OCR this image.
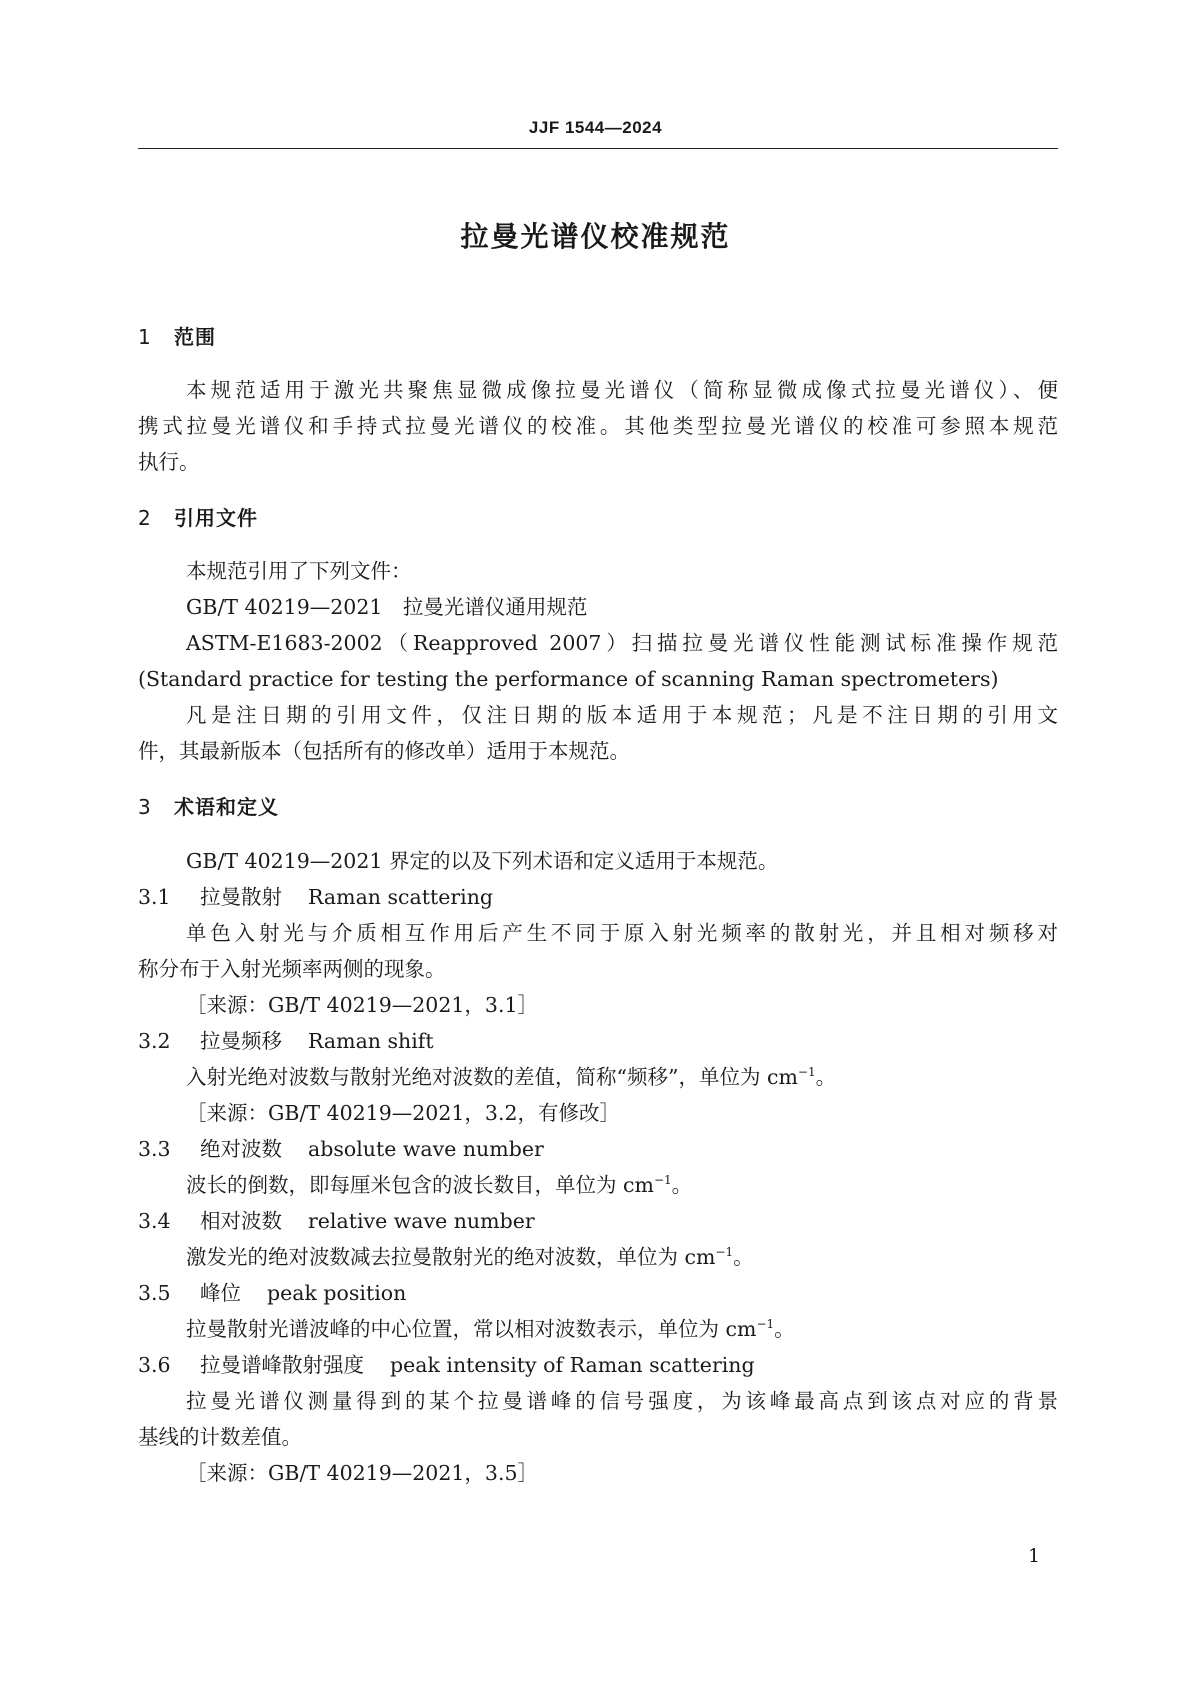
JJF 1544—2024
拉曼光谱仪校准规范
1 范围
本规范适用于激光共聚焦显微成像拉曼光谱仪（简称显微成像式拉曼光谱仪）、便
携式拉曼光谱仪和手持式拉曼光谱仪的校准。其他类型拉曼光谱仪的校准可参照本规范
执行。
2 引用文件
本规范引用了下列文件：
GB/T 40219—2021　拉曼光谱仪通用规范
ASTM-E1683-2002（Reapproved 2007）扫描拉曼光谱仪性能测试标准操作规范
(Standard practice for testing the performance of scanning Raman spectrometers)
凡是注日期的引用文件，仅注日期的版本适用于本规范；凡是不注日期的引用文
件，其最新版本（包括所有的修改单）适用于本规范。
3 术语和定义
GB/T 40219—2021 界定的以及下列术语和定义适用于本规范。
3.1 拉曼散射 Raman scattering
单色入射光与介质相互作用后产生不同于原入射光频率的散射光，并且相对频移对
称分布于入射光频率两侧的现象。
［来源：GB/T 40219—2021，3.1］
3.2 拉曼频移 Raman shift
入射光绝对波数与散射光绝对波数的差值，简称“频移”，单位为 $cm^{-1}$。
［来源：GB/T 40219—2021，3.2，有修改］
3.3 绝对波数 absolute wave number
波长的倒数，即每厘米包含的波长数目，单位为 $cm^{-1}$。
3.4 相对波数 relative wave number
激发光的绝对波数减去拉曼散射光的绝对波数，单位为 $cm^{-1}$。
3.5 峰位 peak position
拉曼散射光谱波峰的中心位置，常以相对波数表示，单位为 $cm^{-1}$。
3.6 拉曼谱峰散射强度 peak intensity of Raman scattering
拉曼光谱仪测量得到的某个拉曼谱峰的信号强度，为该峰最高点到该点对应的背景
基线的计数差值。
［来源：GB/T 40219—2021，3.5］
1
